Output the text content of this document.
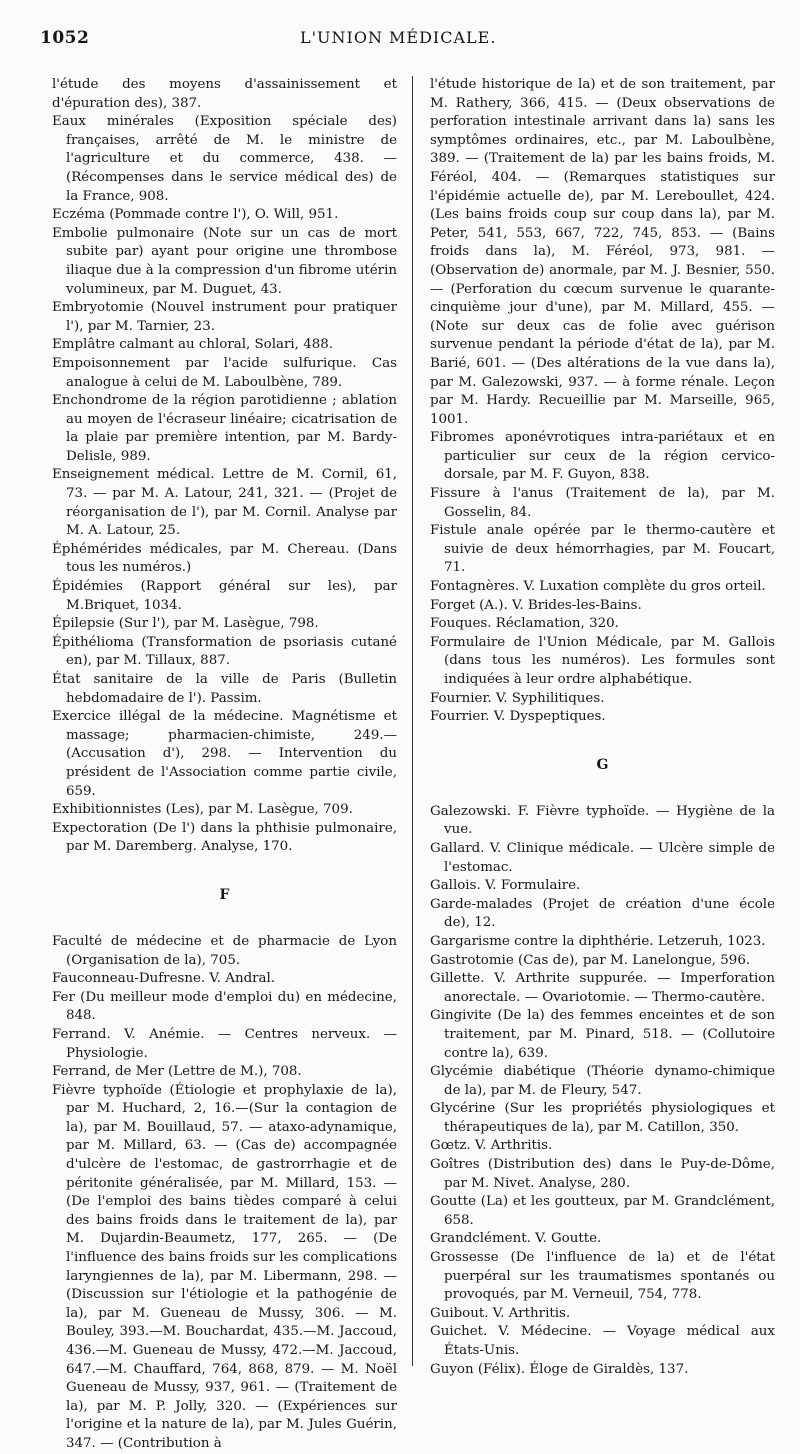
1052	L'UNION MÉDICALE.
l'étude des moyens d'assainissement et d'épuration des), 387.
Eaux minérales (Exposition spéciale des) françaises, arrêté de M. le ministre de l'agriculture et du commerce, 438. — (Récompenses dans le service médical des) de la France, 908.
Eczéma (Pommade contre l'), O. Will, 951.
Embolie pulmonaire (Note sur un cas de mort subite par) ayant pour origine une thrombose iliaque due à la compression d'un fibrome utérin volumineux, par M. Duguet, 43.
Embryotomie (Nouvel instrument pour pratiquer l'), par M. Tarnier, 23.
Emplâtre calmant au chloral, Solari, 488.
Empoisonnement par l'acide sulfurique. Cas analogue à celui de M. Laboulbène, 789.
Enchondrome de la région parotidienne ; ablation au moyen de l'écraseur linéaire; cicatrisation de la plaie par première intention, par M. Bardy-Delisle, 989.
Enseignement médical. Lettre de M. Cornil, 61, 73. — par M. A. Latour, 241, 321. — (Projet de réorganisation de l'), par M. Cornil. Analyse par M. A. Latour, 25.
Éphémérides médicales, par M. Chereau. (Dans tous les numéros.)
Épidémies (Rapport général sur les), par M.Briquet, 1034.
Épilepsie (Sur l'), par M. Lasègue, 798.
Épithélioma (Transformation de psoriasis cutané en), par M. Tillaux, 887.
État sanitaire de la ville de Paris (Bulletin hebdomadaire de l'). Passim.
Exercice illégal de la médecine. Magnétisme et massage; pharmacien-chimiste, 249.—(Accusation d'), 298. — Intervention du président de l'Association comme partie civile, 659.
Exhibitionnistes (Les), par M. Lasègue, 709.
Expectoration (De l') dans la phthisie pulmonaire, par M. Daremberg. Analyse, 170.
F
Faculté de médecine et de pharmacie de Lyon (Organisation de la), 705.
Fauconneau-Dufresne. V. Andral.
Fer (Du meilleur mode d'emploi du) en médecine, 848.
Ferrand. V. Anémie. — Centres nerveux. — Physiologie.
Ferrand, de Mer (Lettre de M.), 708.
Fièvre typhoïde (Étiologie et prophylaxie de la), par M. Huchard, 2, 16.—(Sur la contagion de la), par M. Bouillaud, 57. — ataxo-adynamique, par M. Millard, 63. — (Cas de) accompagnée d'ulcère de l'estomac, de gastrorrhagie et de péritonite généralisée, par M. Millard, 153. — (De l'emploi des bains tièdes comparé à celui des bains froids dans le traitement de la), par M. Dujardin-Beaumetz, 177, 265. — (De l'influence des bains froids sur les complications laryngiennes de la), par M. Libermann, 298. — (Discussion sur l'étiologie et la pathogénie de la), par M. Gueneau de Mussy, 306. — M. Bouley, 393.—M. Bouchardat, 435.—M. Jaccoud, 436.—M. Gueneau de Mussy, 472.—M. Jaccoud, 647.—M. Chauffard, 764, 868, 879. — M. Noël Gueneau de Mussy, 937, 961. — (Traitement de la), par M. P. Jolly, 320. — (Expériences sur l'origine et la nature de la), par M. Jules Guérin, 347. — (Contribution à
l'étude historique de la) et de son traitement, par M. Rathery, 366, 415. — (Deux observations de perforation intestinale arrivant dans la) sans les symptômes ordinaires, etc., par M. Laboulbène, 389. — (Traitement de la) par les bains froids, M. Féréol, 404. — (Remarques statistiques sur l'épidémie actuelle de), par M. Lereboullet, 424. (Les bains froids coup sur coup dans la), par M. Peter, 541, 553, 667, 722, 745, 853. — (Bains froids dans la), M. Féréol, 973, 981. — (Observation de) anormale, par M. J. Besnier, 550. — (Perforation du cœcum survenue le quarante-cinquième jour d'une), par M. Millard, 455. — (Note sur deux cas de folie avec guérison survenue pendant la période d'état de la), par M. Barié, 601. — (Des altérations de la vue dans la), par M. Galezowski, 937. — à forme rénale. Leçon par M. Hardy. Recueillie par M. Marseille, 965, 1001.
Fibromes aponévrotiques intra-pariétaux et en particulier sur ceux de la région cervico-dorsale, par M. F. Guyon, 838.
Fissure à l'anus (Traitement de la), par M. Gosselin, 84.
Fistule anale opérée par le thermo-cautère et suivie de deux hémorrhagies, par M. Foucart, 71.
Fontagnères. V. Luxation complète du gros orteil.
Forget (A.). V. Brides-les-Bains.
Fouques. Réclamation, 320.
Formulaire de l'Union Médicale, par M. Gallois (dans tous les numéros). Les formules sont indiquées à leur ordre alphabétique.
Fournier. V. Syphilitiques.
Fourrier. V. Dyspeptiques.
G
Galezowski. F. Fièvre typhoïde. — Hygiène de la vue.
Gallard. V. Clinique médicale. — Ulcère simple de l'estomac.
Gallois. V. Formulaire.
Garde-malades (Projet de création d'une école de), 12.
Gargarisme contre la diphthérie. Letzeruh, 1023.
Gastrotomie (Cas de), par M. Lanelongue, 596.
Gillette. V. Arthrite suppurée. — Imperforation anorectale. — Ovariotomie. — Thermo-cautère.
Gingivite (De la) des femmes enceintes et de son traitement, par M. Pinard, 518. — (Collutoire contre la), 639.
Glycémie diabétique (Théorie dynamo-chimique de la), par M. de Fleury, 547.
Glycérine (Sur les propriétés physiologiques et thérapeutiques de la), par M. Catillon, 350.
Gœtz. V. Arthritis.
Goîtres (Distribution des) dans le Puy-de-Dôme, par M. Nivet. Analyse, 280.
Goutte (La) et les goutteux, par M. Grandclément, 658.
Grandclément. V. Goutte.
Grossesse (De l'influence de la) et de l'état puerpéral sur les traumatismes spontanés ou provoqués, par M. Verneuil, 754, 778.
Guibout. V. Arthritis.
Guichet. V. Médecine. — Voyage médical aux États-Unis.
Guyon (Félix). Éloge de Giraldès, 137.
